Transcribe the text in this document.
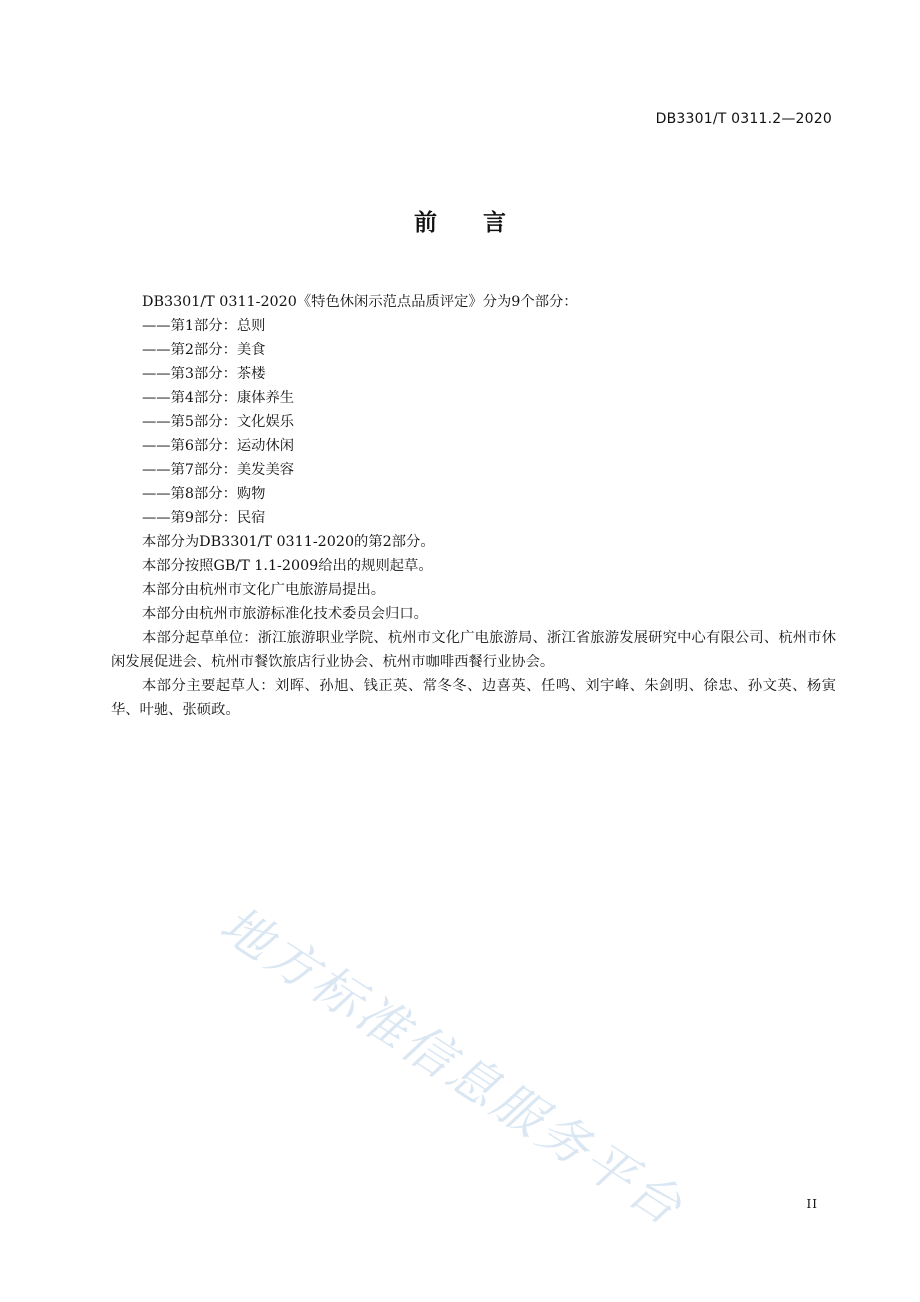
DB3301/T 0311.2—2020
前 言

DB3301/T 0311-2020《特色休闲示范点品质评定》分为9个部分：

——第1部分：总则
——第2部分：美食
——第3部分：茶楼
——第4部分：康体养生
——第5部分：文化娱乐
——第6部分：运动休闲
——第7部分：美发美容
——第8部分：购物
——第9部分：民宿

本部分为DB3301/T 0311-2020的第2部分。

本部分按照GB/T 1.1-2009给出的规则起草。

本部分由杭州市文化广电旅游局提出。

本部分由杭州市旅游标准化技术委员会归口。

本部分起草单位：浙江旅游职业学院、杭州市文化广电旅游局、浙江省旅游发展研究中心有限公司、杭州市休闲发展促进会、杭州市餐饮旅店行业协会、杭州市咖啡西餐行业协会。

本部分主要起草人：刘晖、孙旭、钱正英、常冬冬、边喜英、任鸣、刘宇峰、朱剑明、徐忠、孙文英、杨寅华、叶驰、张硕政。

地方标准信息服务平台	II
